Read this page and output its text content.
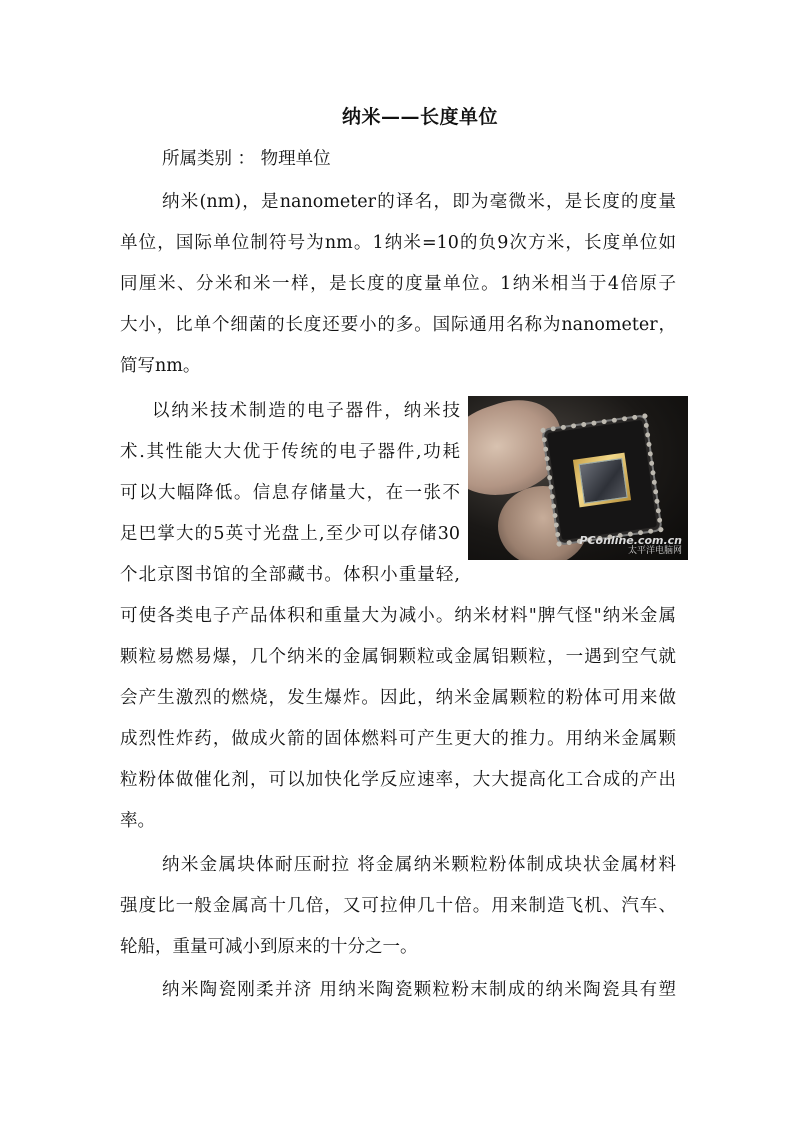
纳米——长度单位
所属类别 ： 物理单位
纳米(nm)，是nanometer的译名，即为毫微米，是长度的度量
单位，国际单位制符号为nm。1纳米=10的负9次方米，长度单位如
同厘米、分米和米一样，是长度的度量单位。1纳米相当于4倍原子
大小，比单个细菌的长度还要小的多。国际通用名称为nanometer，
简写nm。
以纳米技术制造的电子器件，纳米技
术.其性能大大优于传统的电子器件,功耗
可以大幅降低。信息存储量大，在一张不
足巴掌大的5英寸光盘上,至少可以存储30
个北京图书馆的全部藏书。体积小重量轻,
PConline.com.cn
太平洋电脑网
可使各类电子产品体积和重量大为减小。纳米材料"脾气怪"纳米金属
颗粒易燃易爆，几个纳米的金属铜颗粒或金属铝颗粒，一遇到空气就
会产生激烈的燃烧，发生爆炸。因此，纳米金属颗粒的粉体可用来做
成烈性炸药，做成火箭的固体燃料可产生更大的推力。用纳米金属颗
粒粉体做催化剂，可以加快化学反应速率，大大提高化工合成的产出
率。
纳米金属块体耐压耐拉 将金属纳米颗粒粉体制成块状金属材料
强度比一般金属高十几倍，又可拉伸几十倍。用来制造飞机、汽车、
轮船，重量可减小到原来的十分之一。
纳米陶瓷刚柔并济 用纳米陶瓷颗粒粉末制成的纳米陶瓷具有塑
